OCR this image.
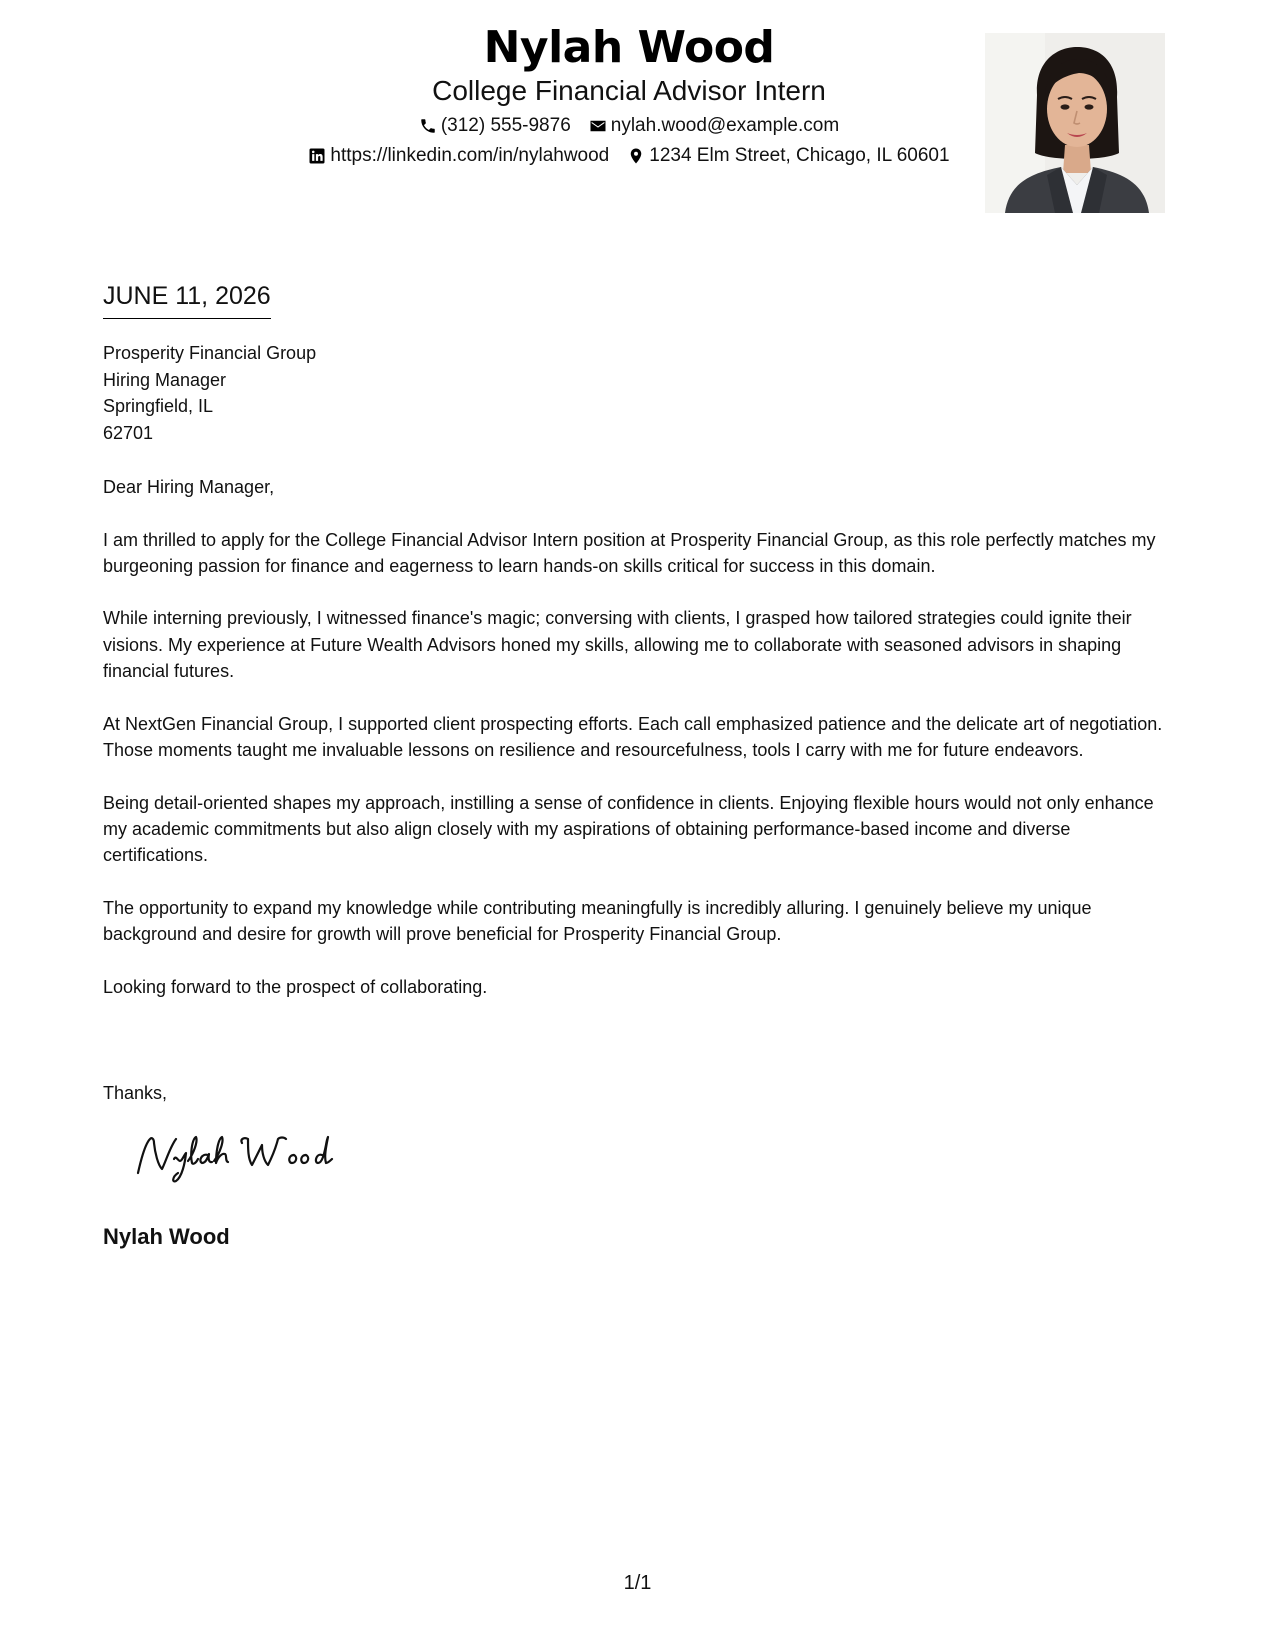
Nylah Wood
College Financial Advisor Intern
(312) 555-9876 nylah.wood@example.com
https://linkedin.com/in/nylahwood 1234 Elm Street, Chicago, IL 60601
JUNE 11, 2026
Prosperity Financial Group
Hiring Manager
Springfield, IL
62701

Dear Hiring Manager,

I am thrilled to apply for the College Financial Advisor Intern position at Prosperity Financial Group, as this role perfectly matches my burgeoning passion for finance and eagerness to learn hands-on skills critical for success in this domain.

While interning previously, I witnessed finance's magic; conversing with clients, I grasped how tailored strategies could ignite their visions. My experience at Future Wealth Advisors honed my skills, allowing me to collaborate with seasoned advisors in shaping financial futures.

At NextGen Financial Group, I supported client prospecting efforts. Each call emphasized patience and the delicate art of negotiation. Those moments taught me invaluable lessons on resilience and resourcefulness, tools I carry with me for future endeavors.

Being detail-oriented shapes my approach, instilling a sense of confidence in clients. Enjoying flexible hours would not only enhance my academic commitments but also align closely with my aspirations of obtaining performance-based income and diverse certifications.

The opportunity to expand my knowledge while contributing meaningfully is incredibly alluring. I genuinely believe my unique background and desire for growth will prove beneficial for Prosperity Financial Group.

Looking forward to the prospect of collaborating.

Thanks,
Nylah Wood
1/1
